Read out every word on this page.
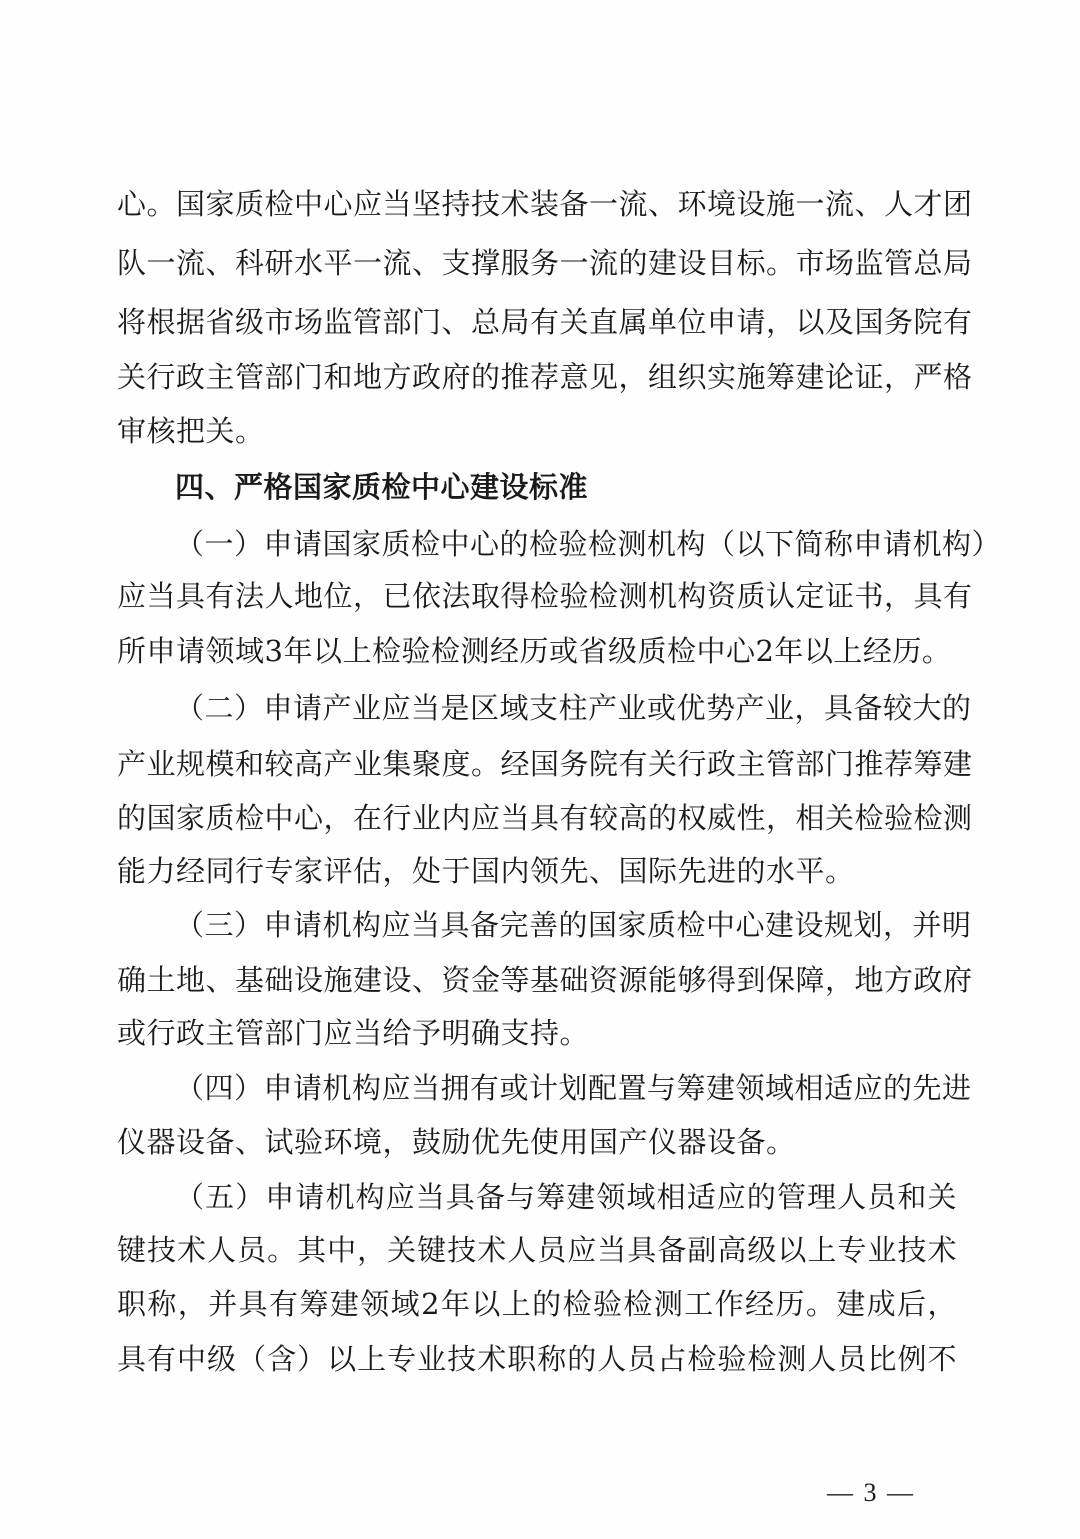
心。国家质检中心应当坚持技术装备一流、环境设施一流、人才团
队一流、科研水平一流、支撑服务一流的建设目标。市场监管总局
将根据省级市场监管部门、总局有关直属单位申请，以及国务院有
关行政主管部门和地方政府的推荐意见，组织实施筹建论证，严格
审核把关。
四、严格国家质检中心建设标准
（一）申请国家质检中心的检验检测机构（以下简称申请机构）
应当具有法人地位，已依法取得检验检测机构资质认定证书，具有
所申请领域3年以上检验检测经历或省级质检中心2年以上经历。
（二）申请产业应当是区域支柱产业或优势产业，具备较大的
产业规模和较高产业集聚度。经国务院有关行政主管部门推荐筹建
的国家质检中心，在行业内应当具有较高的权威性，相关检验检测
能力经同行专家评估，处于国内领先、国际先进的水平。
（三）申请机构应当具备完善的国家质检中心建设规划，并明
确土地、基础设施建设、资金等基础资源能够得到保障，地方政府
或行政主管部门应当给予明确支持。
（四）申请机构应当拥有或计划配置与筹建领域相适应的先进
仪器设备、试验环境，鼓励优先使用国产仪器设备。
（五）申请机构应当具备与筹建领域相适应的管理人员和关
键技术人员。其中，关键技术人员应当具备副高级以上专业技术
职称，并具有筹建领域2年以上的检验检测工作经历。建成后，
具有中级（含）以上专业技术职称的人员占检验检测人员比例不
— 3 —
